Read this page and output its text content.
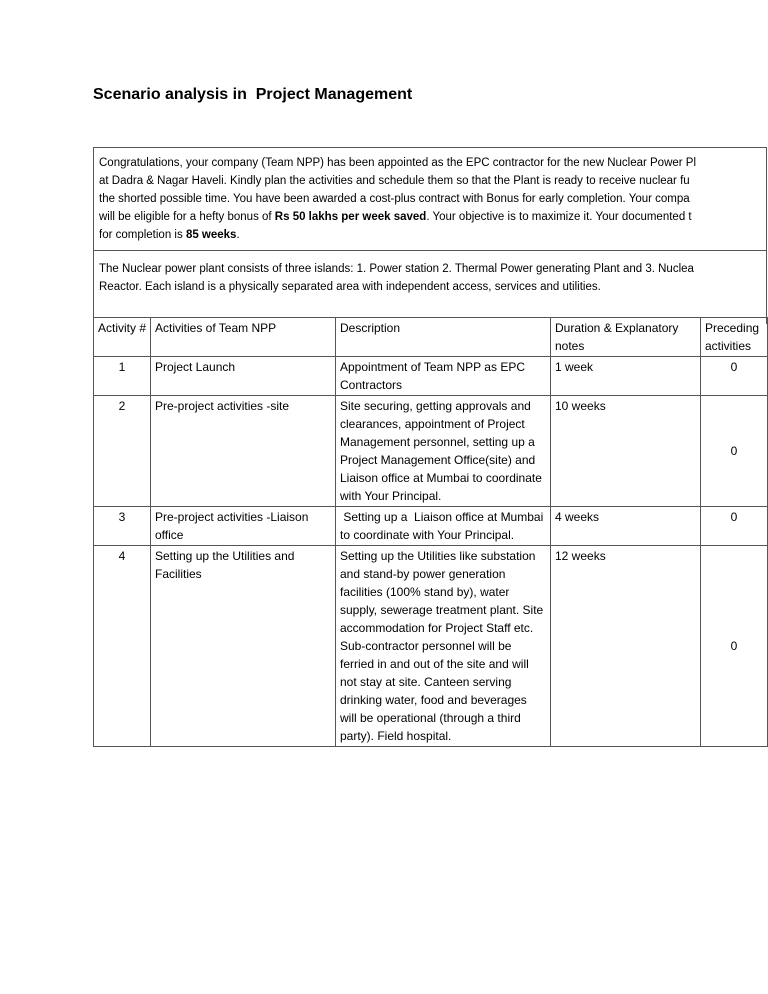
Scenario analysis in  Project Management
Congratulations, your company (Team NPP) has been appointed as the EPC contractor for the new Nuclear Power Pl
at Dadra & Nagar Haveli. Kindly plan the activities and schedule them so that the Plant is ready to receive nuclear fu
the shorted possible time. You have been awarded a cost-plus contract with Bonus for early completion. Your compa
will be eligible for a hefty bonus of Rs 50 lakhs per week saved. Your objective is to maximize it. Your documented t
for completion is 85 weeks.
The Nuclear power plant consists of three islands: 1. Power station 2. Thermal Power generating Plant and 3. Nuclea
Reactor. Each island is a physically separated area with independent access, services and utilities.
Activity #	Activities of Team NPP	Description	Duration & Explanatory notes	Preceding activities
1	Project Launch	Appointment of Team NPP as EPC Contractors	1 week	0
2	Pre-project activities -site	Site securing, getting approvals and clearances, appointment of Project Management personnel, setting up a Project Management Office(site) and Liaison office at Mumbai to coordinate with Your Principal.	10 weeks	0
3	Pre-project activities -Liaison office	Setting up a  Liaison office at Mumbai to coordinate with Your Principal.	4 weeks	0
4	Setting up the Utilities and Facilities	Setting up the Utilities like substation and stand-by power generation facilities (100% stand by), water supply, sewerage treatment plant. Site accommodation for Project Staff etc. Sub-contractor personnel will be ferried in and out of the site and will not stay at site. Canteen serving drinking water, food and beverages will be operational (through a third party). Field hospital.	12 weeks	0
